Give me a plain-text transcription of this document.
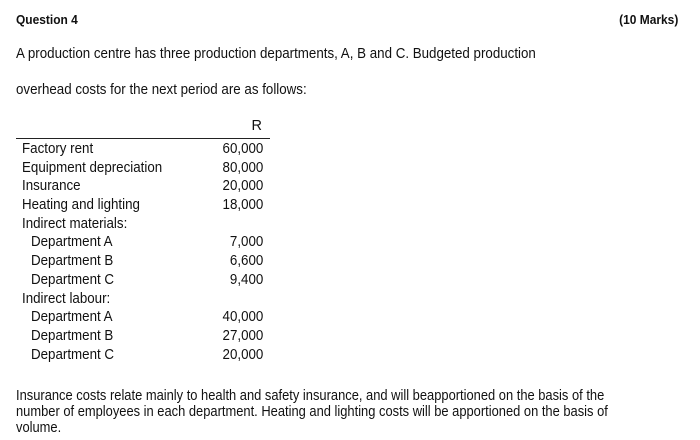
Question 4	(10 Marks)
A production centre has three production departments, A, B and C. Budgeted production
overhead costs for the next period are as follows:
R
Factory rent	60,000
Equipment depreciation	80,000
Insurance	20,000
Heating and lighting	18,000
Indirect materials:
Department A	7,000
Department B	6,600
Department C	9,400
Indirect labour:
Department A	40,000
Department B	27,000
Department C	20,000
Insurance costs relate mainly to health and safety insurance, and will beapportioned on the basis of the
number of employees in each department. Heating and lighting costs will be apportioned on the basis of
volume.
